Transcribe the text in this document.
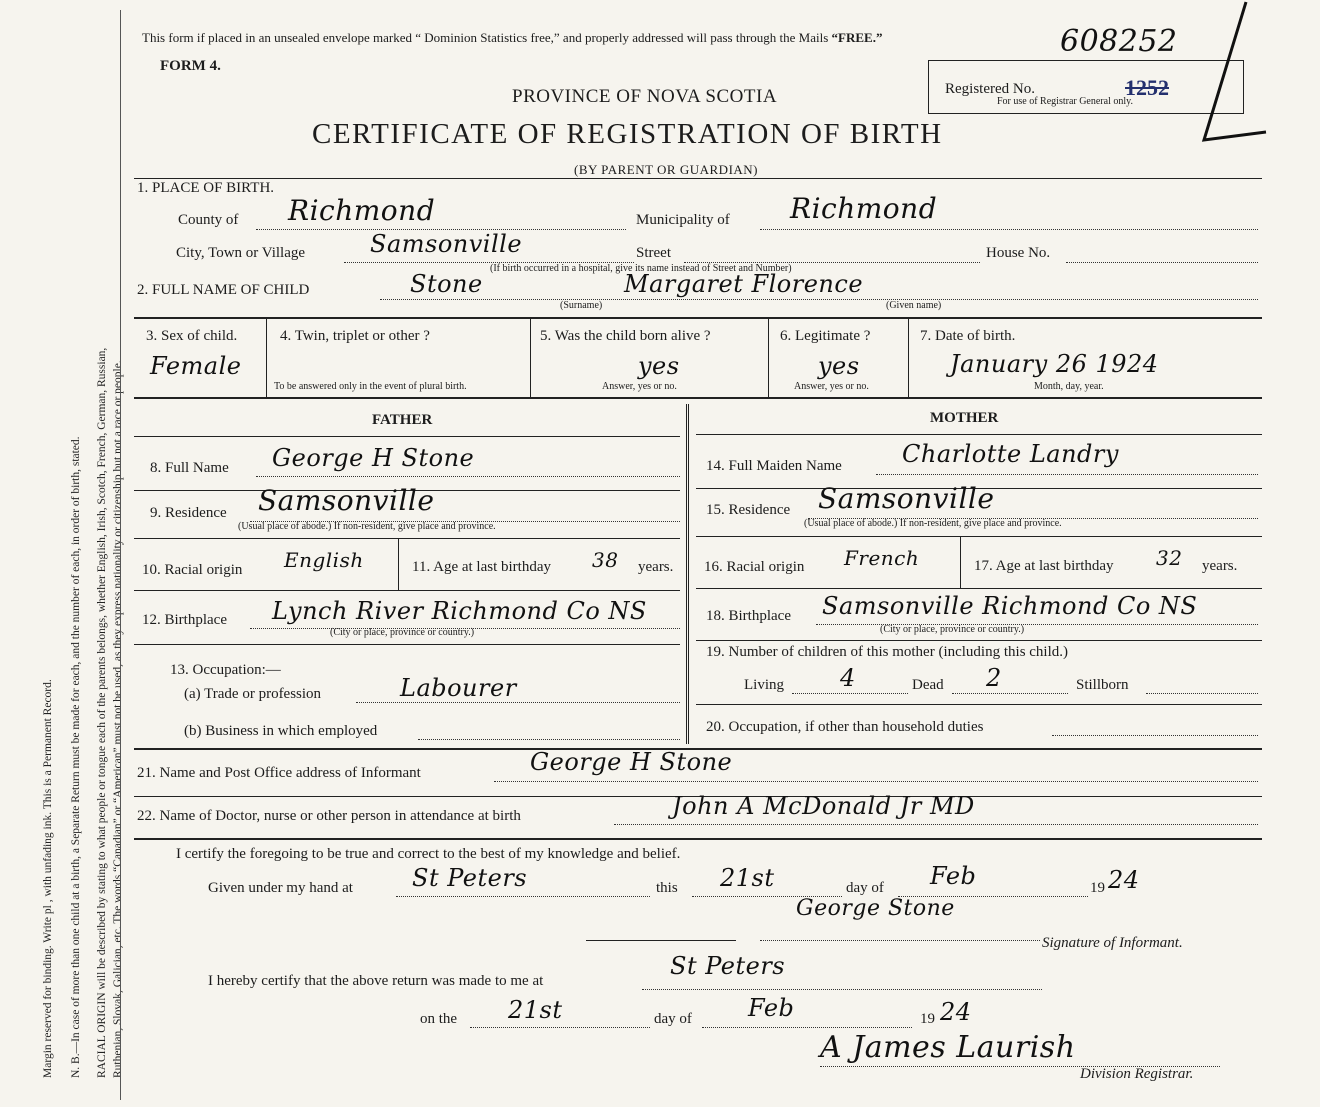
Margin reserved for binding. Write pl , with unfading ink. This is a Permanent Record. N. B.—In case of more than one child at a birth, a Separate Return must be made for each, and the number of each, in order of birth, stated. RACIAL ORIGIN will be described by stating to what people or tongue each of the parents belongs, whether English, Irish, Scotch, French, German, Russian, Ruthenian, Slovak, Galician, etc. The words “Canadian” or “American” must not be used, as they express nationality or citizenship but not a race or people.
This form if placed in an unsealed envelope marked “ Dominion Statistics free,” and properly addressed will pass through the Mails “FREE.”	608252
FORM 4.
PROVINCE OF NOVA SCOTIA
CERTIFICATE OF REGISTRATION OF BIRTH
(BY PARENT OR GUARDIAN)
Registered No.	1252
For use of Registrar General only.
1. PLACE OF BIRTH.
County of Richmond	Municipality of Richmond
City, Town or Village	Samsonville	Street	House No.
(If birth occurred in a hospital, give its name instead of Street and Number)
2. FULL NAME OF CHILD	Stone	Margaret Florence
(Surname)	(Given name)
3. Sex of child.
Female
4. Twin, triplet or other ?
To be answered only in the event of plural birth.
5. Was the child born alive ?
yes
Answer, yes or no.
6. Legitimate ?
yes
Answer, yes or no.
7. Date of birth.
January 26 1924
Month, day, year.
FATHER	MOTHER
8. Full Name George H Stone
9. Residence Samsonville
(Usual place of abode.) If non-resident, give place and province.
10. Racial origin English	11. Age at last birthday 38 years.
12. Birthplace Lynch River Richmond Co NS
(City or place, province or country.)
13. Occupation:—
(a) Trade or profession	Labourer
(b) Business in which employed
14. Full Maiden Name	Charlotte Landry
15. Residence Samsonville
(Usual place of abode.) If non-resident, give place and province.
16. Racial origin French	17. Age at last birthday 32 years.
18. Birthplace Samsonville Richmond Co NS
(City or place, province or country.)
19. Number of children of this mother (including this child.)
Living 4	Dead 2	Stillborn
20. Occupation, if other than household duties
21. Name and Post Office address of Informant	George H Stone
22. Name of Doctor, nurse or other person in attendance at birth	John A McDonald Jr MD
I certify the foregoing to be true and correct to the best of my knowledge and belief.
Given under my hand at St Peters	this 21st	day of Feb	19 24
George Stone
Signature of Informant.
I hereby certify that the above return was made to me at
St Peters
on the 21st	day of Feb	19 24
A James Laurish
Division Registrar.
